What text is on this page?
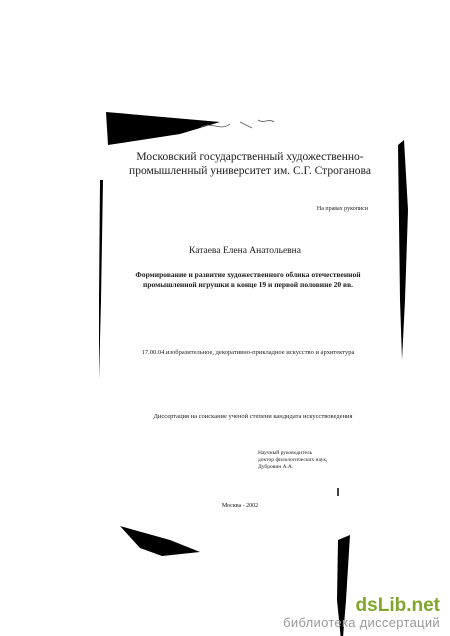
Московский государственный художественно-промышленный университет им. С.Г. Строганова

На правах рукописи

Катаева Елена Анатольевна

Формирование и развитие художественного облика отечественной промышленной игрушки в конце 19 и первой половине 20 вв.

17.00.04.изобразительное, декоративно-прикладное искусство и архитектура

Диссертация на соискание ученой степени кандидата искусствоведения

Научный руководитель
доктор филологических наук,
Дубровин А.А.

Москва - 2002

dsLib.net
библиотека диссертаций
